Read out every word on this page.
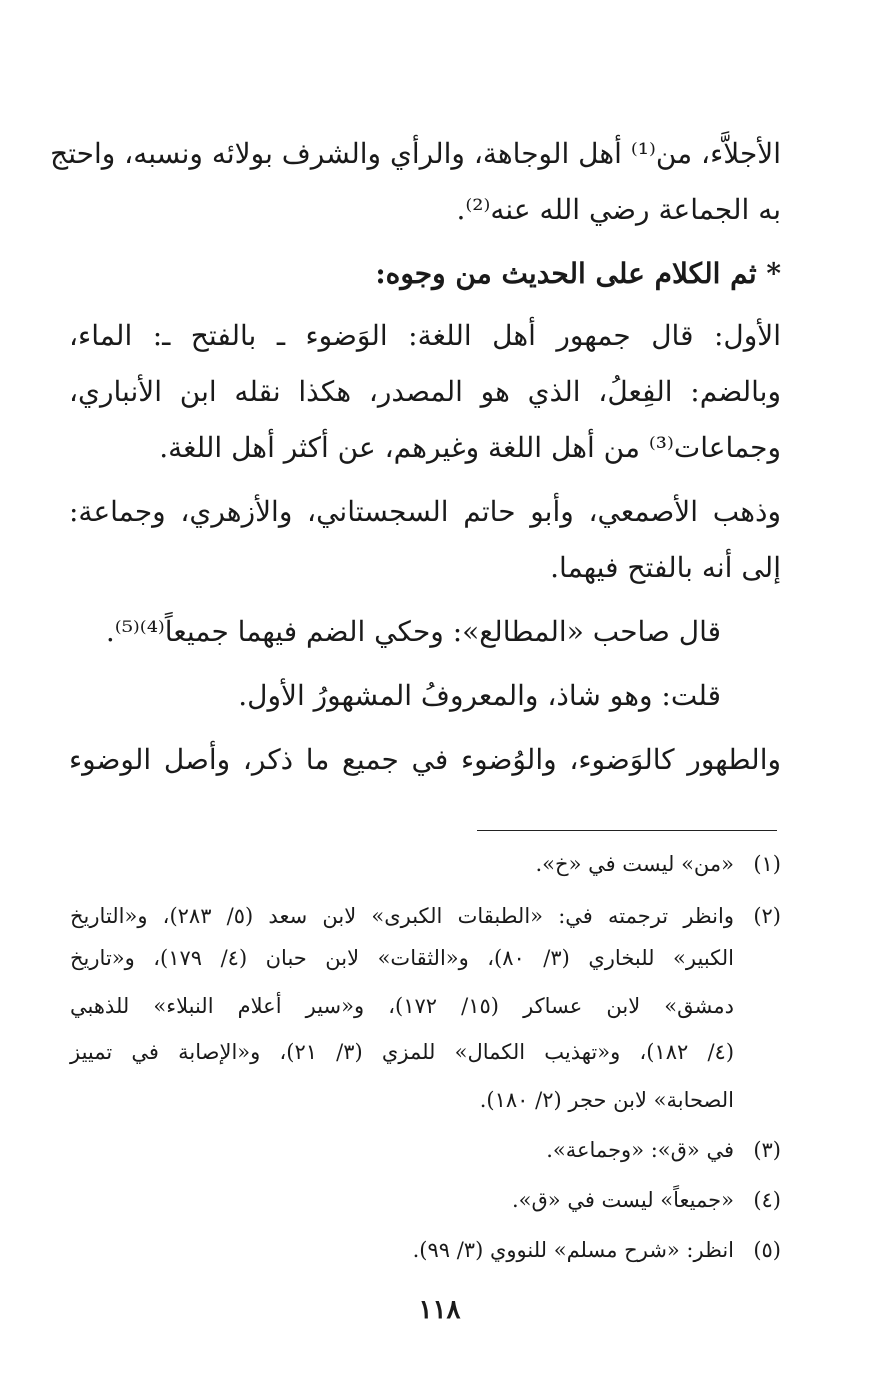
الأجلاَّء، من⁽¹⁾ أهل الوجاهة، والرأي والشرف بولائه ونسبه، واحتج
به الجماعة رضي الله عنه⁽²⁾.
* ثم الكلام على الحديث من وجوه:
الأول: قال جمهور أهل اللغة: الوَضوء ـ بالفتح ـ: الماء،
وبالضم: الفِعلُ، الذي هو المصدر، هكذا نقله ابن الأنباري،
وجماعات⁽³⁾ من أهل اللغة وغيرهم، عن أكثر أهل اللغة.
وذهب الأصمعي، وأبو حاتم السجستاني، والأزهري، وجماعة:
إلى أنه بالفتح فيهما.
قال صاحب «المطالع»: وحكي الضم فيهما جميعاً⁽⁴⁾⁽⁵⁾.
قلت: وهو شاذ، والمعروفُ المشهورُ الأول.
والطهور كالوَضوء، والوُضوء في جميع ما ذكر، وأصل الوضوء
(١)
«من» ليست في «خ».
(٢)
وانظر ترجمته في: «الطبقات الكبرى» لابن سعد (٥/ ٢٨٣)، و«التاريخ
الكبير» للبخاري (٣/ ٨٠)، و«الثقات» لابن حبان (٤/ ١٧٩)، و«تاريخ
دمشق» لابن عساكر (١٥/ ١٧٢)، و«سير أعلام النبلاء» للذهبي
(٤/ ١٨٢)، و«تهذيب الكمال» للمزي (٣/ ٢١)، و«الإصابة في تمييز
الصحابة» لابن حجر (٢/ ١٨٠).
(٣)
في «ق»: «وجماعة».
(٤)
«جميعاً» ليست في «ق».
(٥)
انظر: «شرح مسلم» للنووي (٣/ ٩٩).
١١٨
